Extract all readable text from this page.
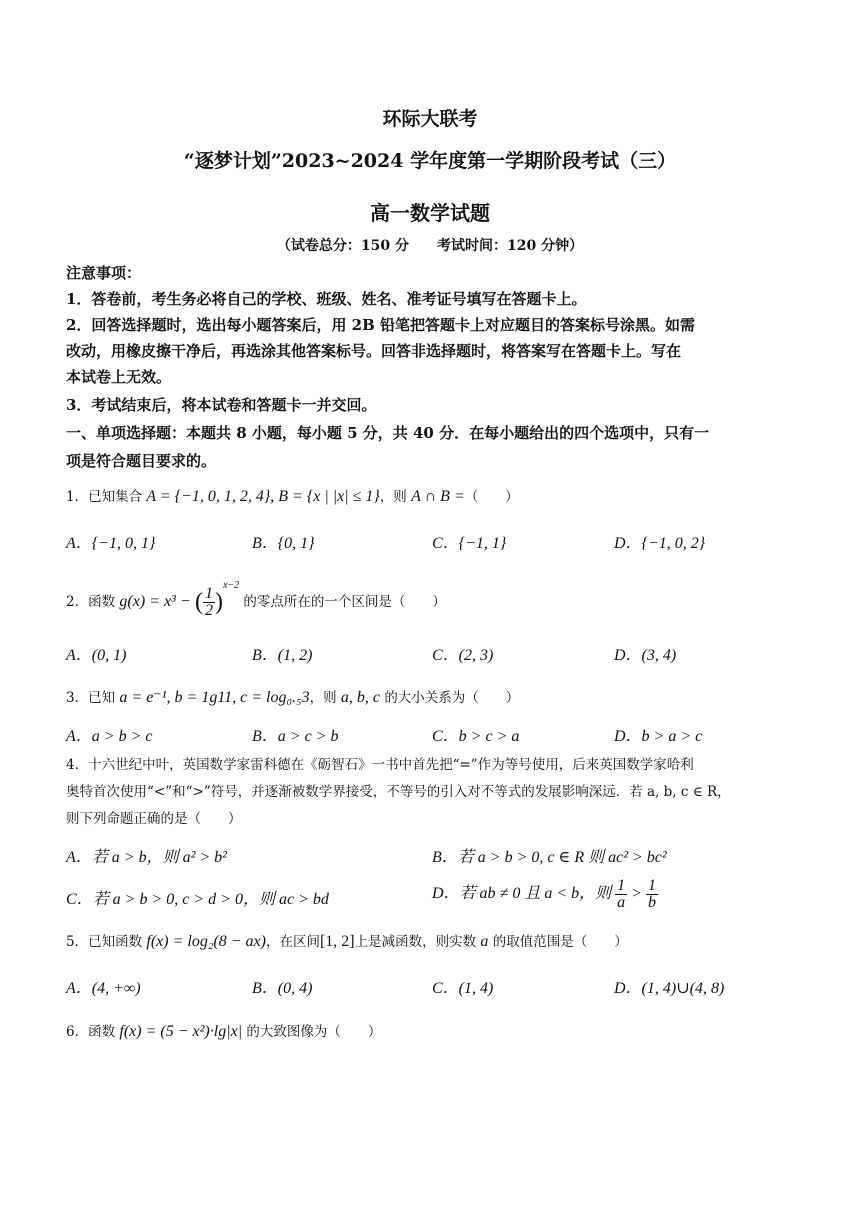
环际大联考
“逐梦计划”2023~2024 学年度第一学期阶段考试（三）
高一数学试题
（试卷总分：150 分　　考试时间：120 分钟）
注意事项：
1．答卷前，考生务必将自己的学校、班级、姓名、准考证号填写在答题卡上。
2．回答选择题时，选出每小题答案后，用 2B 铅笔把答题卡上对应题目的答案标号涂黑。如需
改动，用橡皮擦干净后，再选涂其他答案标号。回答非选择题时，将答案写在答题卡上。写在
本试卷上无效。
3．考试结束后，将本试卷和答题卡一并交回。
一、单项选择题：本题共 8 小题，每小题 5 分，共 40 分．在每小题给出的四个选项中，只有一
项是符合题目要求的。
1．已知集合 A = {−1, 0, 1, 2, 4}, B = {x | |x| ≤ 1}，则 A ∩ B =（　　）
A．{−1, 0, 1}	B．{0, 1}	C．{−1, 1}	D．{−1, 0, 2}
2．函数 g(x) = x³ − ( $\frac{1}{2} )^{x-2}$ 的零点所在的一个区间是（　　）
A．(0, 1)	B．(1, 2)	C．(2, 3)	D．(3, 4)
3．已知 a = e⁻¹, b = 1g11, c = log₀.₅3，则 a, b, c 的大小关系为（　　）
A．a > b > c	B．a > c > b	C．b > c > a	D．b > a > c
4．十六世纪中叶，英国数学家雷科德在《砺智石》一书中首先把“=”作为等号使用，后来英国数学家哈利
奥特首次使用“<”和“>”符号，并逐渐被数学界接受，不等号的引入对不等式的发展影响深远．若 a, b, c ∈ R，
则下列命题正确的是（　　）
A．若 a > b，则 a² > b²	B．若 a > b > 0, c ∈ R 则 ac² > bc²
C．若 a > b > 0, c > d > 0，则 ac > bd	D．若 ab ≠ 0 且 a < b，则 $\frac{1}{a} > \frac{1}{b}$
5．已知函数 f(x) = log₂(8 − ax)，在区间[1, 2]上是减函数，则实数 a 的取值范围是（　　）
A．(4, +∞)	B．(0, 4)	C．(1, 4)	D．(1, 4)∪(4, 8)
6．函数 f(x) = (5 − x²)·lg|x| 的大致图像为（　　）
